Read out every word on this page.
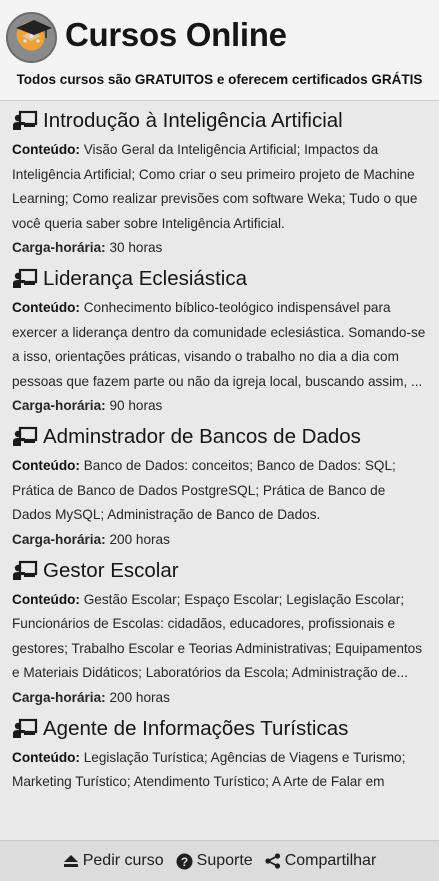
Cursos Online
Todos cursos são GRATUITOS e oferecem certificados GRÁTIS
Introdução à Inteligência Artificial
Conteúdo: Visão Geral da Inteligência Artificial; Impactos da Inteligência Artificial; Como criar o seu primeiro projeto de Machine Learning; Como realizar previsões com software Weka; Tudo o que você queria saber sobre Inteligência Artificial.
Carga-horária: 30 horas
Liderança Eclesiástica
Conteúdo: Conhecimento bíblico-teológico indispensável para exercer a liderança dentro da comunidade eclesiástica. Somando-se a isso, orientações práticas, visando o trabalho no dia a dia com pessoas que fazem parte ou não da igreja local, buscando assim, ...
Carga-horária: 90 horas
Adminstrador de Bancos de Dados
Conteúdo: Banco de Dados: conceitos; Banco de Dados: SQL; Prática de Banco de Dados PostgreSQL; Prática de Banco de Dados MySQL; Administração de Banco de Dados.
Carga-horária: 200 horas
Gestor Escolar
Conteúdo: Gestão Escolar; Espaço Escolar; Legislação Escolar; Funcionários de Escolas: cidadãos, educadores, profissionais e gestores; Trabalho Escolar e Teorias Administrativas; Equipamentos e Materiais Didáticos; Laboratórios da Escola; Administração de...
Carga-horária: 200 horas
Agente de Informações Turísticas
Conteúdo: Legislação Turística; Agências de Viagens e Turismo; Marketing Turístico; Atendimento Turístico; A Arte de Falar em
Pedir curso ? Suporte Compartilhar
